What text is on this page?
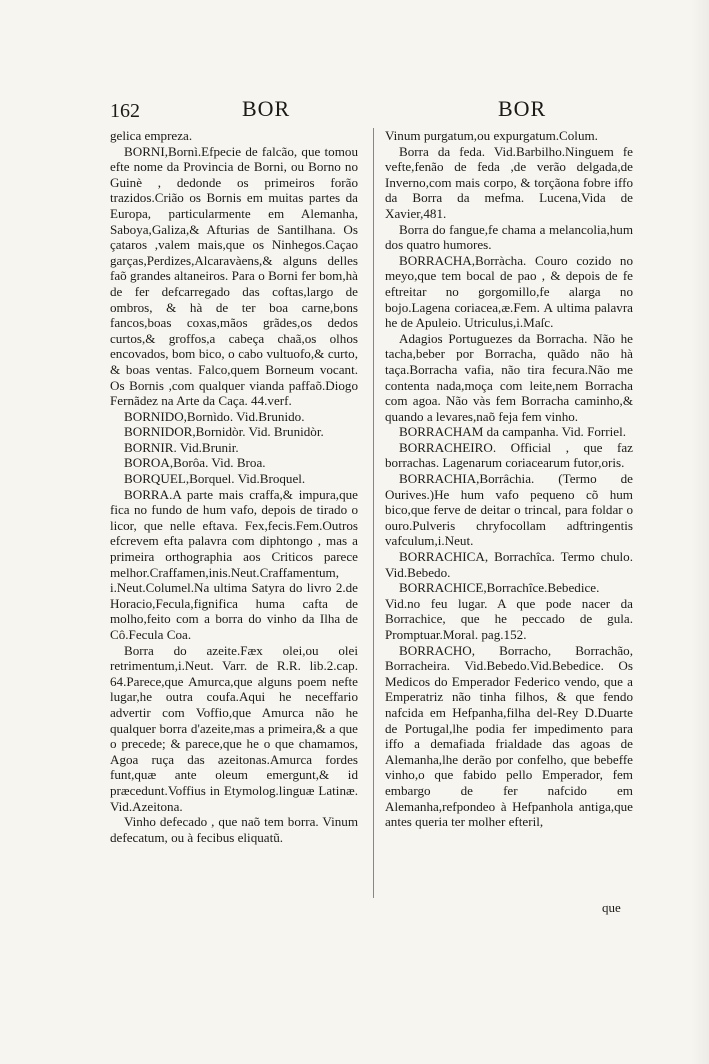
162	BOR	BOR

gelica empreza.

BORNI,Bornì.Efpecie de falcão, que tomou efte nome da Provincia de Borni, ou Borno no Guinè , dedonde os primeiros forão trazidos.Crião os Bornis em muitas partes da Europa, particularmente em Alemanha, Saboya,Galiza,& Afturias de Santilhana. Os çataros ,valem mais,que os Ninhegos.Caçao garças,Perdizes,Alcaravàens,& alguns delles faõ grandes altaneiros. Para o Borni fer bom,hà de fer defcarregado das coftas,largo de ombros, & hà de ter boa carne,bons fancos,boas coxas,mãos grãdes,os dedos curtos,& groffos,a cabeça chaã,os olhos encovados, bom bico, o cabo vultuofo,& curto, & boas ventas. Falco,quem Borneum vocant. Os Bornis ,com qualquer vianda paffaõ.Diogo Fernãdez na Arte da Caça. 44.verf.

BORNIDO,Bornìdo. Vid.Brunido.

BORNIDOR,Bornidòr. Vid. Brunidòr.

BORNIR. Vid.Brunir.

BOROA,Borôa. Vid. Broa.

BORQUEL,Borquel. Vid.Broquel.

BORRA.A parte mais craffa,& impura,que fica no fundo de hum vafo, depois de tirado o licor, que nelle eftava. Fex,fecis.Fem.Outros efcrevem efta palavra com diphtongo , mas a primeira orthographia aos Criticos parece melhor.Craffamen,inis.Neut.Craffamentum, i.Neut.Columel.Na ultima Satyra do livro 2.de Horacio,Fecula,fignifica huma cafta de molho,feito com a borra do vinho da Ilha de Cô.Fecula Coa.

Borra do azeite.Fæx olei,ou olei retrimentum,i.Neut. Varr. de R.R. lib.2.cap. 64.Parece,que Amurca,que alguns poem nefte lugar,he outra coufa.Aqui he neceffario advertir com Voffio,que Amurca não he qualquer borra d'azeite,mas a primeira,& a que o precede; & parece,que he o que chamamos, Agoa ruça das azeitonas.Amurca fordes funt,quæ ante oleum emergunt,& id præcedunt.Voffius in Etymolog.linguæ Latinæ. Vid.Azeitona.

Vinho defecado , que naõ tem borra. Vinum defecatum, ou à fecibus eliquatũ.

Vinum purgatum,ou expurgatum.Colum.

Borra da feda. Vid.Barbilho.Ninguem fe vefte,fenão de feda ,de verão delgada,de Inverno,com mais corpo, & torçãona fobre iffo da Borra da mefma. Lucena,Vida de Xavier,481.

Borra do fangue,fe chama a melancolia,hum dos quatro humores.

BORRACHA,Borràcha. Couro cozido no meyo,que tem bocal de pao , & depois de fe eftreitar no gorgomillo,fe alarga no bojo.Lagena coriacea,æ.Fem. A ultima palavra he de Apuleio. Utriculus,i.Maſc.

Adagios Portuguezes da Borracha. Não he tacha,beber por Borracha, quãdo não hà taça.Borracha vafia, não tira fecura.Não me contenta nada,moça com leite,nem Borracha com agoa. Não vàs fem Borracha caminho,& quando a levares,naõ feja fem vinho.

BORRACHAM da campanha. Vid. Forriel.

BORRACHEIRO. Official , que faz borrachas. Lagenarum coriacearum futor,oris.

BORRACHIA,Borrâchia. (Termo de Ourives.)He hum vafo pequeno cõ hum bico,que ferve de deitar o trincal, para foldar o ouro.Pulveris chryfocollam adftringentis vafculum,i.Neut.

BORRACHICA, Borrachîca. Termo chulo. Vid.Bebedo.

BORRACHICE,Borrachîce.Bebedice. Vid.no feu lugar. A que pode nacer da Borrachice, que he peccado de gula. Promptuar.Moral. pag.152.

BORRACHO, Borracho, Borrachão, Borracheira. Vid.Bebedo.Vid.Bebedice. Os Medicos do Emperador Federico vendo, que a Emperatriz não tinha filhos, & que fendo nafcida em Hefpanha,filha del-Rey D.Duarte de Portugal,lhe podia fer impedimento para iffo a demafiada frialdade das agoas de Alemanha,lhe derão por confelho, que bebeffe vinho,o que fabido pello Emperador, fem embargo de fer nafcido em Alemanha,refpondeo à Hefpanhola antiga,que antes queria ter molher efteril,

que
